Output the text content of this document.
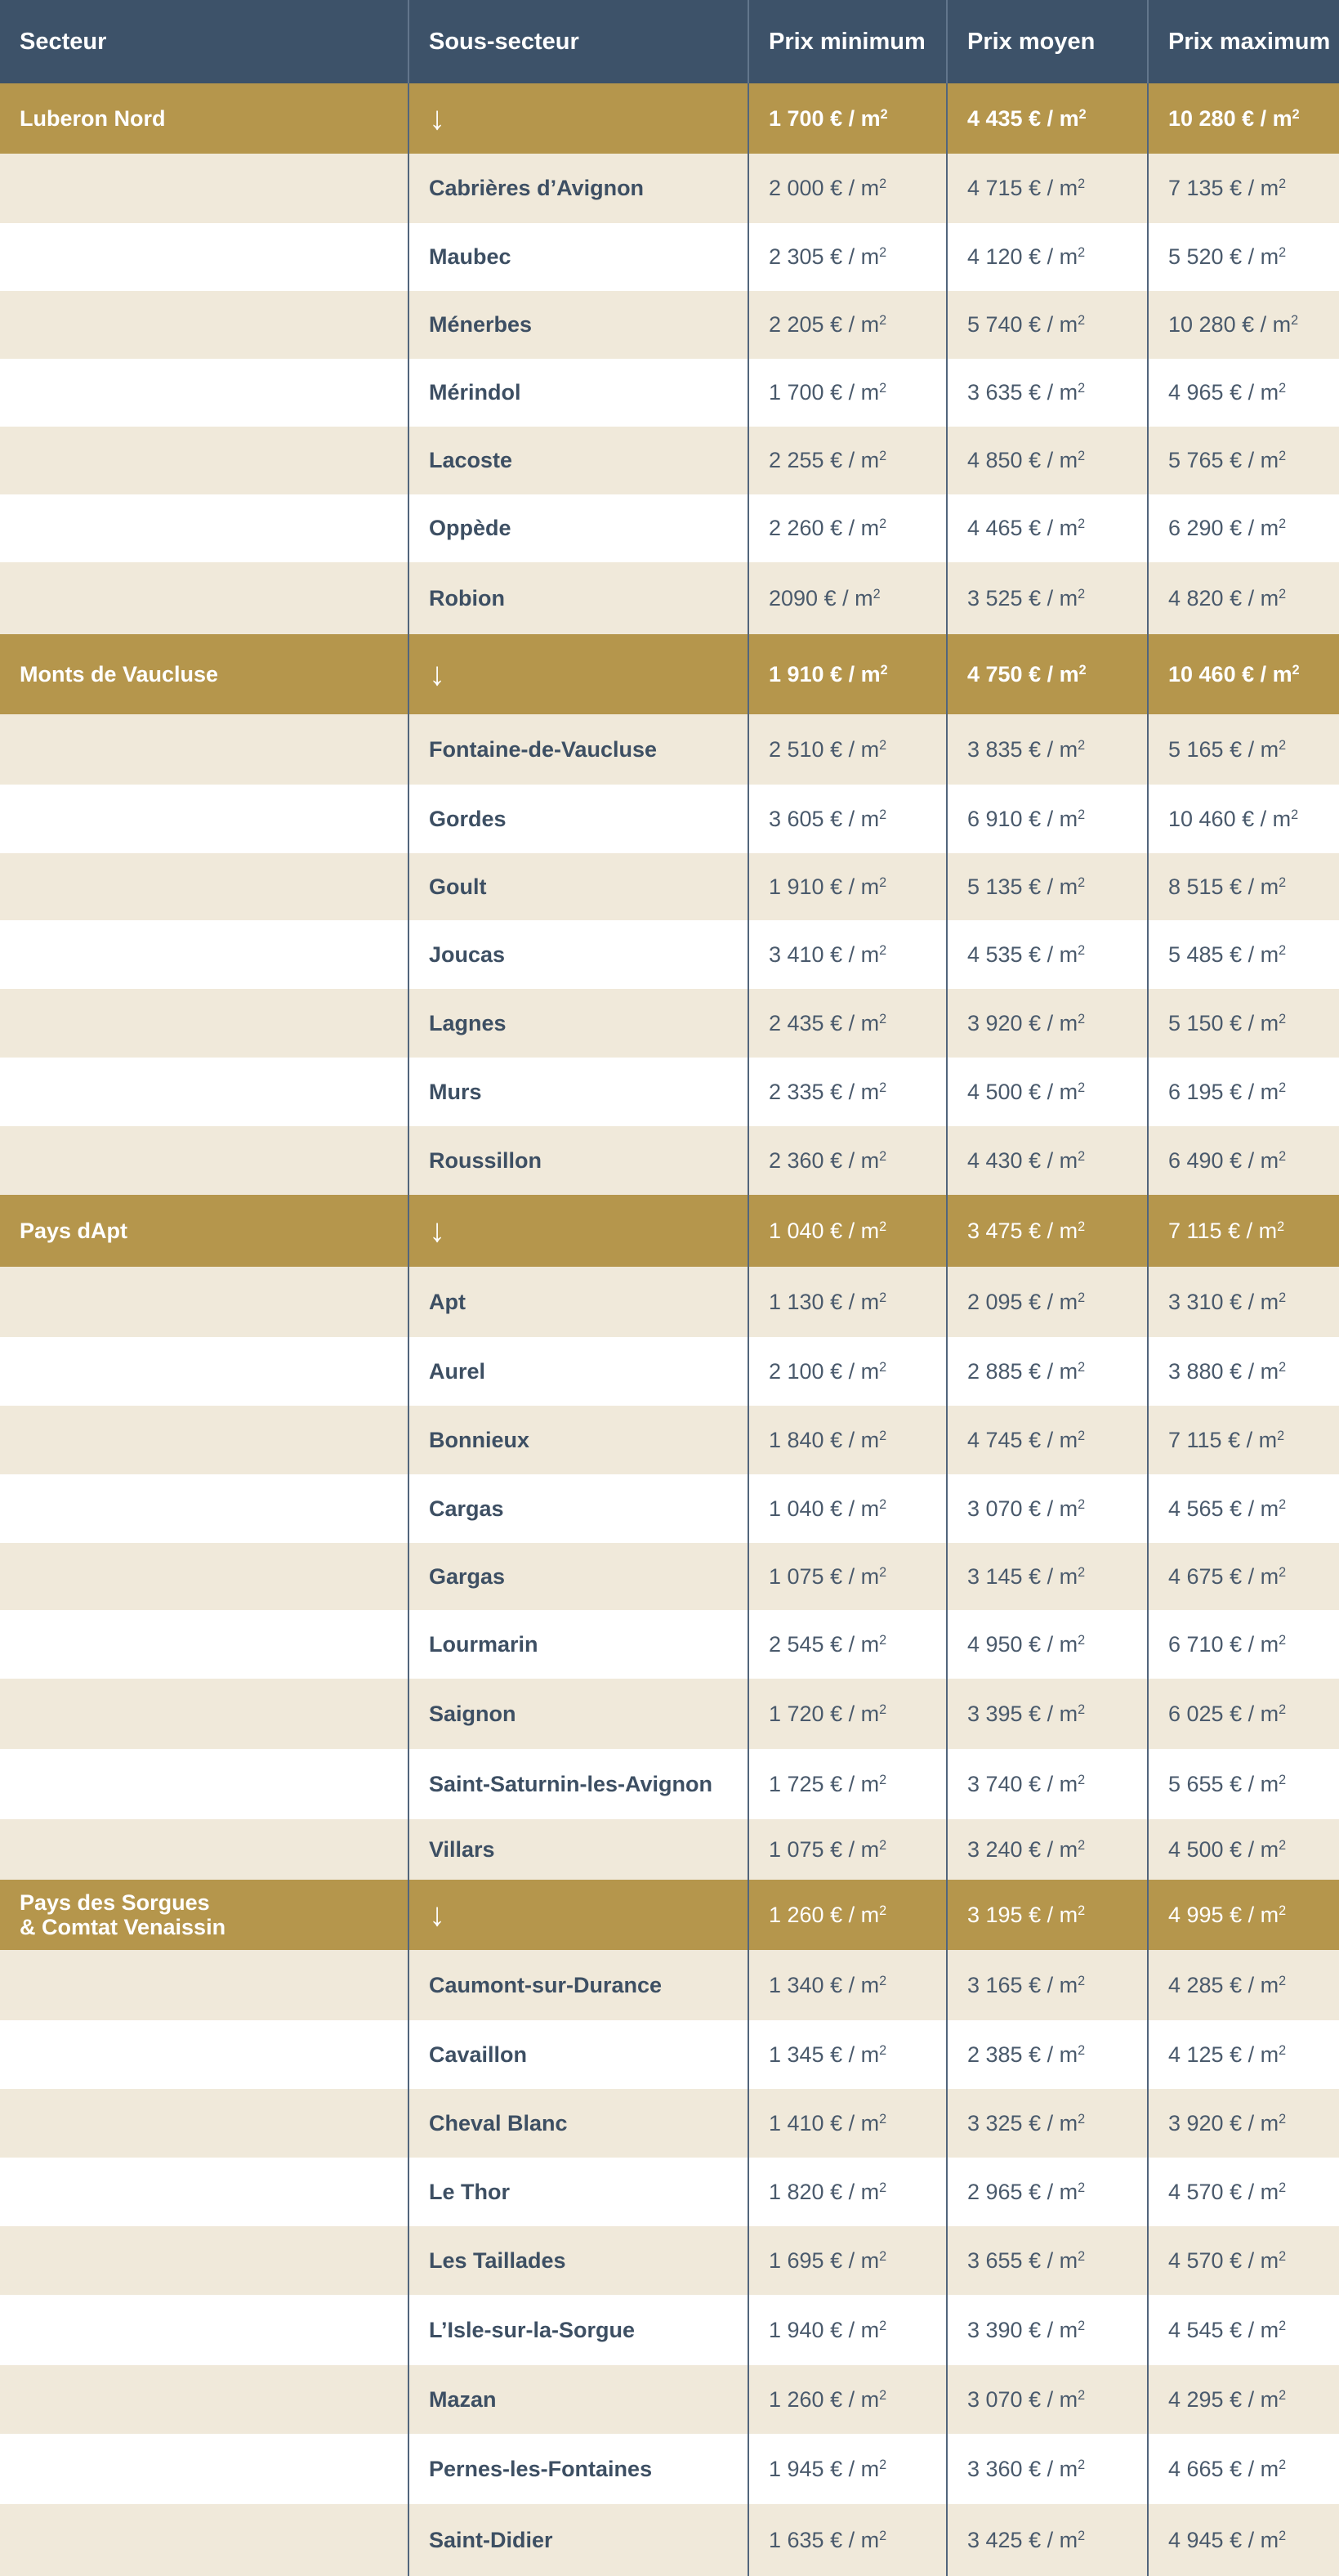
Secteur	Sous-secteur	Prix minimum	Prix moyen	Prix maximum
Luberon Nord	↓	1 700 € / $m^2$	4 435 € / $m^2$	10 280 € / $m^2$
	Cabrières d’Avignon	2 000 € / $m^2$	4 715 € / $m^2$	7 135 € / $m^2$
	Maubec	2 305 € / $m^2$	4 120 € / $m^2$	5 520 € / $m^2$
	Ménerbes	2 205 € / $m^2$	5 740 € / $m^2$	10 280 € / $m^2$
	Mérindol	1 700 € / $m^2$	3 635 € / $m^2$	4 965 € / $m^2$
	Lacoste	2 255 € / $m^2$	4 850 € / $m^2$	5 765 € / $m^2$
	Oppède	2 260 € / $m^2$	4 465 € / $m^2$	6 290 € / $m^2$
	Robion	2090 € / $m^2$	3 525 € / $m^2$	4 820 € / $m^2$
Monts de Vaucluse	↓	1 910 € / $m^2$	4 750 € / $m^2$	10 460 € / $m^2$
	Fontaine-de-Vaucluse	2 510 € / $m^2$	3 835 € / $m^2$	5 165 € / $m^2$
	Gordes	3 605 € / $m^2$	6 910 € / $m^2$	10 460 € / $m^2$
	Goult	1 910 € / $m^2$	5 135 € / $m^2$	8 515 € / $m^2$
	Joucas	3 410 € / $m^2$	4 535 € / $m^2$	5 485 € / $m^2$
	Lagnes	2 435 € / $m^2$	3 920 € / $m^2$	5 150 € / $m^2$
	Murs	2 335 € / $m^2$	4 500 € / $m^2$	6 195 € / $m^2$
	Roussillon	2 360 € / $m^2$	4 430 € / $m^2$	6 490 € / $m^2$
Pays dApt	↓	1 040 € / $m^2$	3 475 € / $m^2$	7 115 € / $m^2$
	Apt	1 130 € / $m^2$	2 095 € / $m^2$	3 310 € / $m^2$
	Aurel	2 100 € / $m^2$	2 885 € / $m^2$	3 880 € / $m^2$
	Bonnieux	1 840 € / $m^2$	4 745 € / $m^2$	7 115 € / $m^2$
	Cargas	1 040 € / $m^2$	3 070 € / $m^2$	4 565 € / $m^2$
	Gargas	1 075 € / $m^2$	3 145 € / $m^2$	4 675 € / $m^2$
	Lourmarin	2 545 € / $m^2$	4 950 € / $m^2$	6 710 € / $m^2$
	Saignon	1 720 € / $m^2$	3 395 € / $m^2$	6 025 € / $m^2$
	Saint-Saturnin-les-Avignon	1 725 € / $m^2$	3 740 € / $m^2$	5 655 € / $m^2$
	Villars	1 075 € / $m^2$	3 240 € / $m^2$	4 500 € / $m^2$
Pays des Sorgues
& Comtat Venaissin	↓	1 260 € / $m^2$	3 195 € / $m^2$	4 995 € / $m^2$
	Caumont-sur-Durance	1 340 € / $m^2$	3 165 € / $m^2$	4 285 € / $m^2$
	Cavaillon	1 345 € / $m^2$	2 385 € / $m^2$	4 125 € / $m^2$
	Cheval Blanc	1 410 € / $m^2$	3 325 € / $m^2$	3 920 € / $m^2$
	Le Thor	1 820 € / $m^2$	2 965 € / $m^2$	4 570 € / $m^2$
	Les Taillades	1 695 € / $m^2$	3 655 € / $m^2$	4 570 € / $m^2$
	L’Isle-sur-la-Sorgue	1 940 € / $m^2$	3 390 € / $m^2$	4 545 € / $m^2$
	Mazan	1 260 € / $m^2$	3 070 € / $m^2$	4 295 € / $m^2$
	Pernes-les-Fontaines	1 945 € / $m^2$	3 360 € / $m^2$	4 665 € / $m^2$
	Saint-Didier	1 635 € / $m^2$	3 425 € / $m^2$	4 945 € / $m^2$
